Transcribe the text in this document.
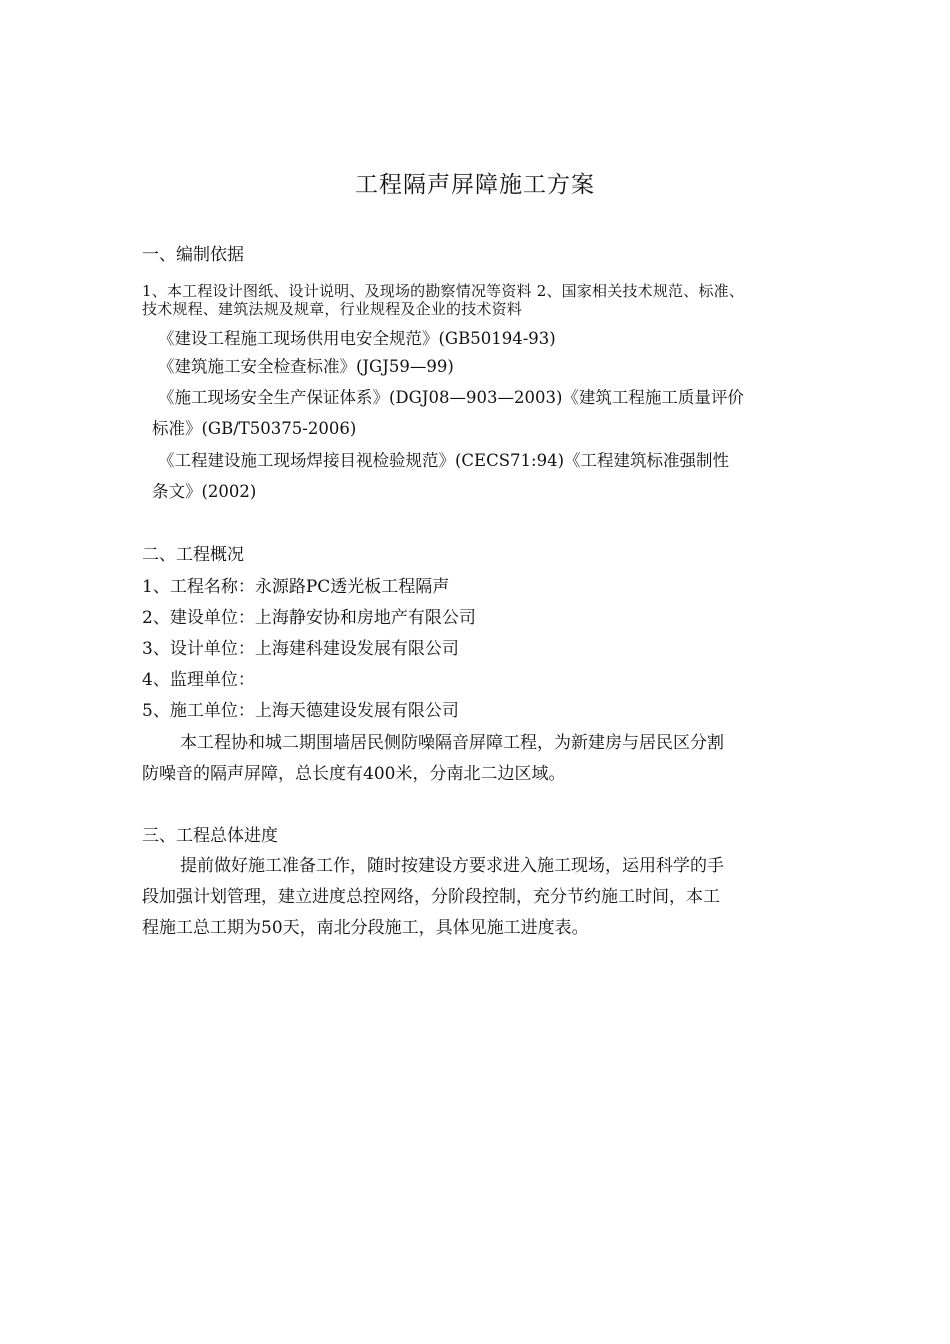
工程隔声屏障施工方案
一、编制依据
1、本工程设计图纸、设计说明、及现场的勘察情况等资料 2、国家相关技术规范、标准、
技术规程、建筑法规及规章，行业规程及企业的技术资料
《建设工程施工现场供用电安全规范》(GB50194-93)
《建筑施工安全检查标准》(JGJ59—99)
《施工现场安全生产保证体系》(DGJ08—903—2003)《建筑工程施工质量评价
标准》(GB/T50375-2006)
《工程建设施工现场焊接目视检验规范》(CECS71:94)《工程建筑标准强制性
条文》(2002)
二、工程概况
1、工程名称：永源路PC透光板工程隔声
2、建设单位：上海静安协和房地产有限公司
3、设计单位：上海建科建设发展有限公司
4、监理单位：
5、施工单位：上海天德建设发展有限公司
本工程协和城二期围墙居民侧防噪隔音屏障工程，为新建房与居民区分割
防噪音的隔声屏障，总长度有400米，分南北二边区域。
三、工程总体进度
提前做好施工准备工作，随时按建设方要求进入施工现场，运用科学的手
段加强计划管理，建立进度总控网络，分阶段控制，充分节约施工时间，本工
程施工总工期为50天，南北分段施工，具体见施工进度表。
